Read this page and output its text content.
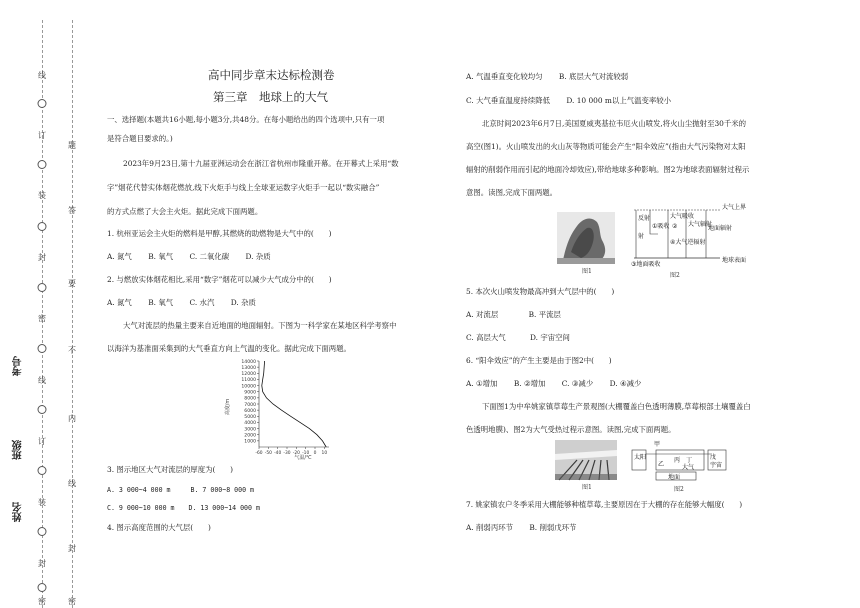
线
订
装
封
密
线
订
装
封
密
题
答
要
不
内
线
封
密
考号
班级
姓名
高中同步章末达标检测卷
第三章　地球上的大气
一、选择题(本题共16小题,每小题3分,共48分。在每小题给出的四个选项中,只有一项
是符合题目要求的。)
2023年9月23日,第十九届亚洲运动会在浙江省杭州市隆重开幕。在开幕式上采用“数
字”烟花代替实体烟花燃放,线下火炬手与线上全球亚运数字火炬手一起以“数实融合”
的方式点燃了大会主火炬。据此完成下面两题。
1. 杭州亚运会主火炬的燃料是甲醇,其燃烧的助燃物是大气中的(　　)
A. 氮气 B. 氧气 C. 二氧化碳 D. 杂质
2. 与燃放实体烟花相比,采用“数字”烟花可以减少大气成分中的(　　)
A. 氮气 B. 氧气 C. 水汽 D. 杂质
大气对流层的热量主要来自近地面的地面辐射。下图为一科学家在某地区科学考察中
以海洋为基准面采集到的大气垂直方向上气温的变化。据此完成下面两题。
1000
2000
3000
4000
5000
6000
7000
8000
9000
10000
11000
12000
13000
14000
-60 -50 -40 -30 -20 -10 0 10
高度/m
气温/℃
3. 图示地区大气对流层的厚度为(　　)
A. 3 000~4 000 m	B. 7 000~8 000 m
C. 9 000~10 000 m D. 13 000~14 000 m
4. 图示高度范围的大气层(　　)
A. 气温垂直变化较均匀 B. 底层大气对流较弱
C. 大气垂直温度持续降低 D. 10 000 m以上气温变率较小
北京时间2023年6月7日,美国夏威夷基拉韦厄火山喷发,将火山尘抛射至30千米的
高空(图1)。火山喷发出的火山灰等物质可能会产生“阳伞效应”(指由大气污染物对太阳
辐射的削弱作用而引起的地面冷却效应),带给地球多种影响。图2为地球表面辐射过程示
意图。读图,完成下面两题。
图1
大气上界
地球表面
反射	大气吸收
①吸收 ②
射
大气辐射
地面辐射
④大气逆辐射
③地面吸收
图2
5. 本次火山喷发物最高冲到大气层中的(　　)
A. 对流层	B. 平流层
C. 高层大气	D. 宇宙空间
6. “阳伞效应”的产生主要是由于图2中(　　)
A. ①增加 B. ②增加 C. ③减少 D. ④减少
下面图1为中牟姚家镇草莓生产景观图(大棚覆盖白色透明薄膜,草莓根部土壤覆盖白
色透明地膜)、图2为大气受热过程示意图。读图,完成下面两题。
图1
太阳
甲
乙
丙 丁
大气
戊
宇宙
地面
图2
7. 姚家镇农户冬季采用大棚能够种植草莓,主要原因在于大棚的存在能够大幅度(　　)
A. 削弱丙环节 B. 削弱戊环节
